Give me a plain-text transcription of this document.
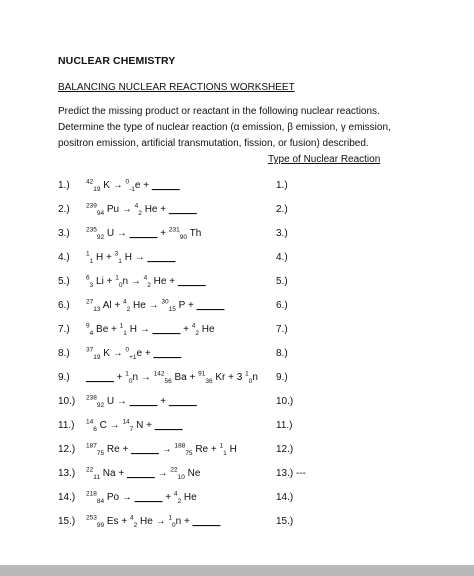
NUCLEAR CHEMISTRY
BALANCING NUCLEAR REACTIONS WORKSHEET
Predict the missing product or reactant in the following nuclear reactions. Determine the type of nuclear reaction (α emission, β emission, γ emission, positron emission, artificial transmutation, fission, or fusion) described.
Type of Nuclear Reaction
1.)	$^{42}_{19}$ K → $^0_{-1}$e + _____	1.)
2.)	$^{239}_{94}$ Pu → $^4_2$ He + _____	2.)
3.)	$^{235}_{92}$ U → _____ + $^{231}_{90}$ Th	3.)
4.)	$^1_1$ H + $^3_1$ H → _____	4.)
5.)	$^6_3$ Li + $^1_0$n → $^4_2$ He + _____	5.)
6.)	$^{27}_{13}$ Al + $^4_2$ He → $^{30}_{15}$ P + _____	6.)
7.)	$^9_4$ Be + $^1_1$ H → _____ + $^4_2$ He	7.)
8.)	$^{37}_{19}$ K → $^0_{+1}$e + _____	8.)
9.) _____ + $^1_0$n → $^{142}_{56}$ Ba + $^{91}_{36}$ Kr + 3 $^1_0$n 9.)
10.) $^{238}_{92}$ U → _____ + _____	10.)
11.) $^{14}_6$ C → $^{14}_7$ N + _____	11.)
12.) $^{187}_{75}$ Re + _____ → $^{188}_{75}$ Re + $^1_1$ H	12.)
13.) $^{22}_{11}$ Na + _____ → $^{22}_{10}$ Ne	13.) ---
14.) $^{218}_{84}$ Po → _____ + $^4_2$ He	14.)
15.) $^{253}_{99}$ Es + $^4_2$ He → $^1_0$n + _____	15.)
